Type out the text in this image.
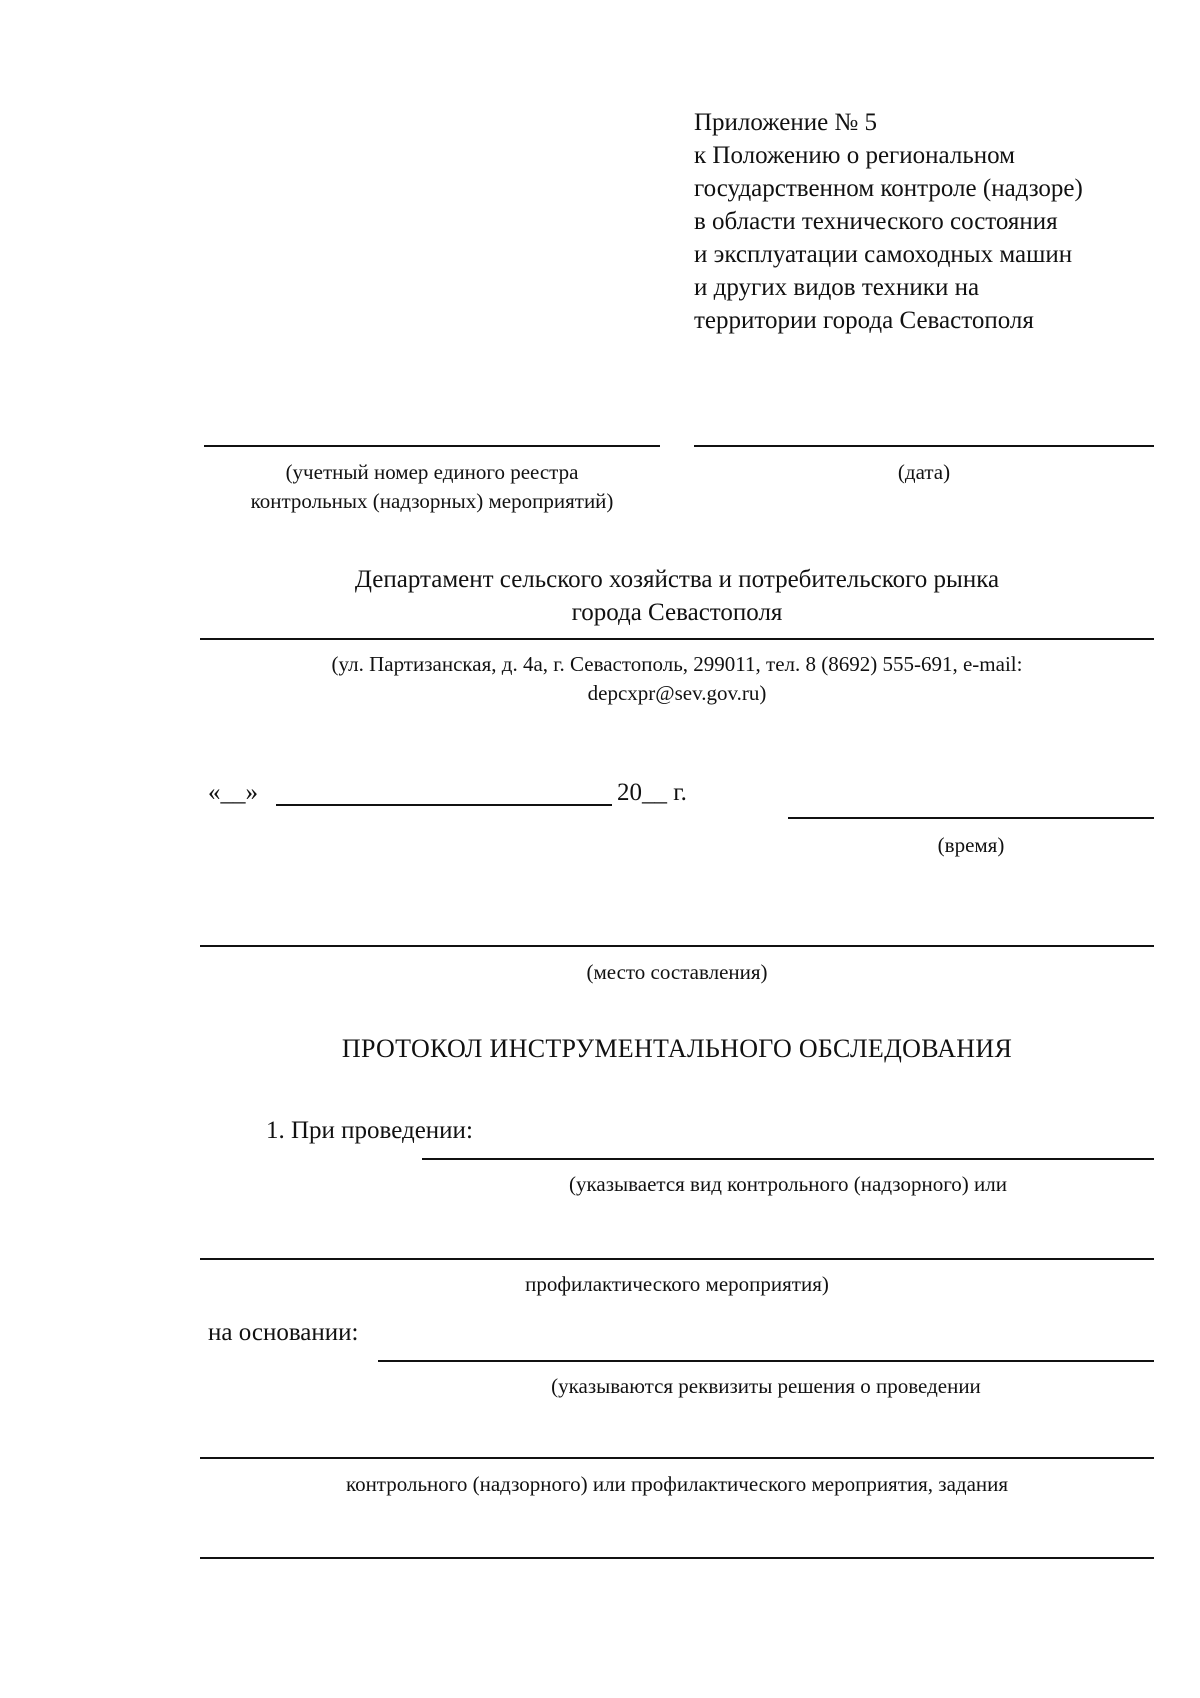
Приложение № 5
к Положению о региональном
государственном контроле (надзоре)
в области технического состояния
и эксплуатации самоходных машин
и других видов техники на
территории города Севастополя
(учетный номер единого реестра
контрольных (надзорных) мероприятий)
(дата)
Департамент сельского хозяйства и потребительского рынка
города Севастополя
(ул. Партизанская, д. 4а, г. Севастополь, 299011, тел. 8 (8692) 555-691, e-mail:
depcxpr@sev.gov.ru)
«__»	20__ г.
(время)
(место составления)
ПРОТОКОЛ ИНСТРУМЕНТАЛЬНОГО ОБСЛЕДОВАНИЯ
1. При проведении:
(указывается вид контрольного (надзорного) или
профилактического мероприятия)
на основании:
(указываются реквизиты решения о проведении
контрольного (надзорного) или профилактического мероприятия, задания
